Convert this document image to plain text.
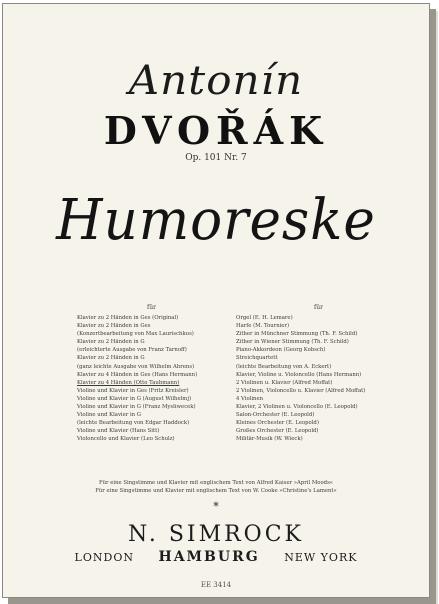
Antonín
DVOŘÁK
Op. 101 Nr. 7
Humoreske
für	für
Klavier zu 2 Händen in Ges (Original)
Klavier zu 2 Händen in Ges
(Konzertbearbeitung von Max Laurischkus)
Klavier zu 2 Händen in G
(erleichterte Ausgabe von Franz Tarnoff)
Klavier zu 2 Händen in G
(ganz leichte Ausgabe von Wilhelm Ahrens)
Klavier zu 4 Händen in Ges (Hans Hermann)
Klavier zu 4 Händen (Otto Taubmann)
Violine und Klavier in Ges (Fritz Kreisler)
Violine und Klavier in G (August Wilhelmj)
Violine und Klavier in G (Franz Mysliwecek)
Violine und Klavier in G
(leichte Bearbeitung von Edgar Haddock)
Violine und Klavier (Hans Sitt)
Violoncello und Klavier (Leo Schulz)
Orgel (E. H. Lemare)
Harfe (M. Tournier)
Zither in Münchner Stimmung (Th. F. Schild)
Zither in Wiener Stimmung (Th. F. Schild)
Piano-Akkordeon (Georg Kobsch)
Streichquartett
(leichte Bearbeitung von A. Eckert)
Klavier, Violine u. Violoncello (Hans Hermann)
2 Violinen u. Klavier (Alfred Moffat)
2 Violinen, Violoncello u. Klavier (Alfred Moffat)
4 Violinen
Klavier, 2 Violinen u. Violoncello (E. Leopold)
Salon-Orchester (E. Leopold)
Kleines Orchester (E. Leopold)
Großes Orchester (E. Leopold)
Militär-Musik (W. Wieck)
Für eine Singstimme und Klavier mit englischem Text von Alfred Kaiser »April Moods«
Für eine Singstimme und Klavier mit englischem Text von W. Cooke »Christine's Lament«
*
N. SIMROCK
LONDON HAMBURG NEW YORK
EE 3414
